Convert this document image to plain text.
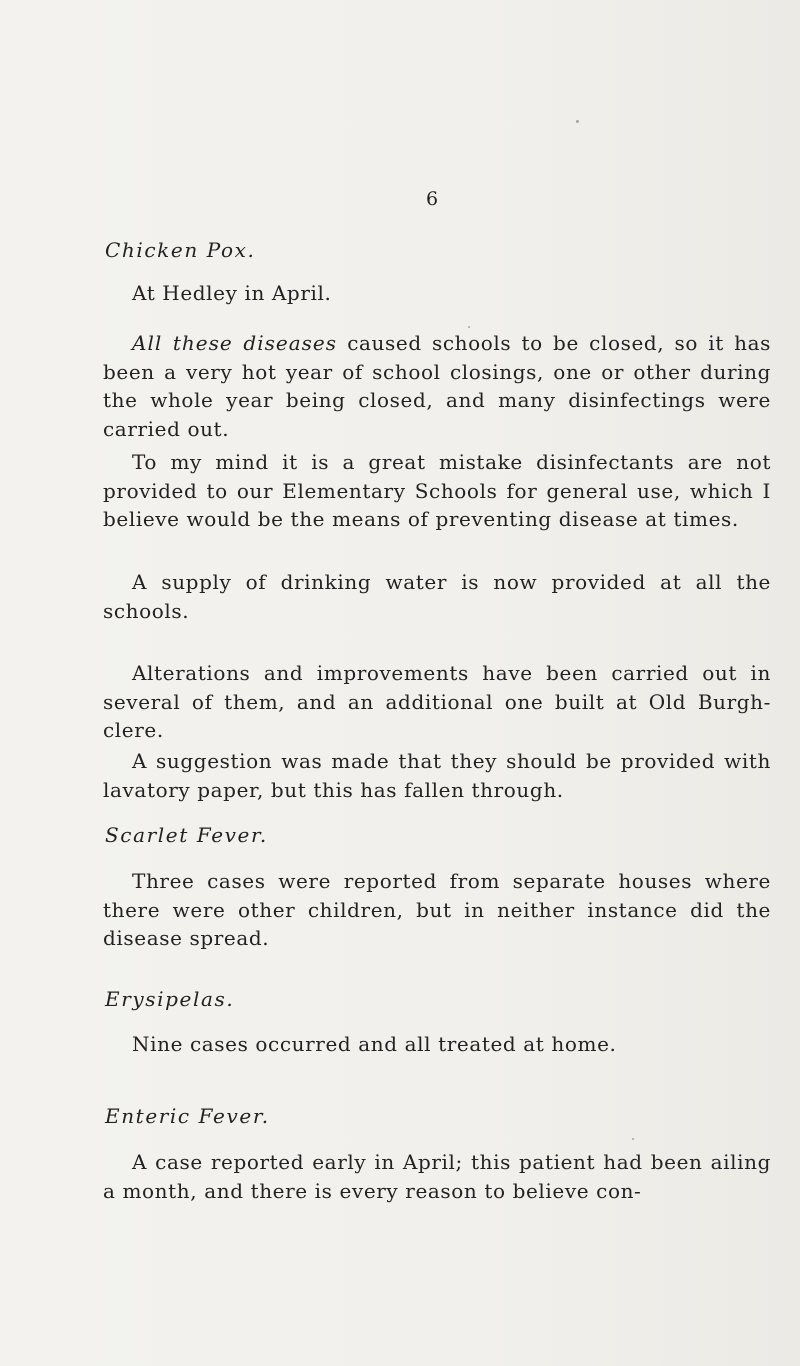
6
Chicken Pox.

At Hedley in April.

All these diseases caused schools to be closed, so it has been a very hot year of school closings, one or other during the whole year being closed, and many disinfectings were carried out.

To my mind it is a great mistake disinfectants are not provided to our Elementary Schools for general use, which I believe would be the means of preventing disease at times.

A supply of drinking water is now provided at all the schools.

Alterations and improvements have been carried out in several of them, and an additional one built at Old Burgh- clere.

A suggestion was made that they should be provided with lavatory paper, but this has fallen through.

Scarlet Fever.

Three cases were reported from separate houses where there were other children, but in neither instance did the disease spread.

Erysipelas.

Nine cases occurred and all treated at home.

Enteric Fever.

A case reported early in April; this patient had been ailing a month, and there is every reason to believe con-
